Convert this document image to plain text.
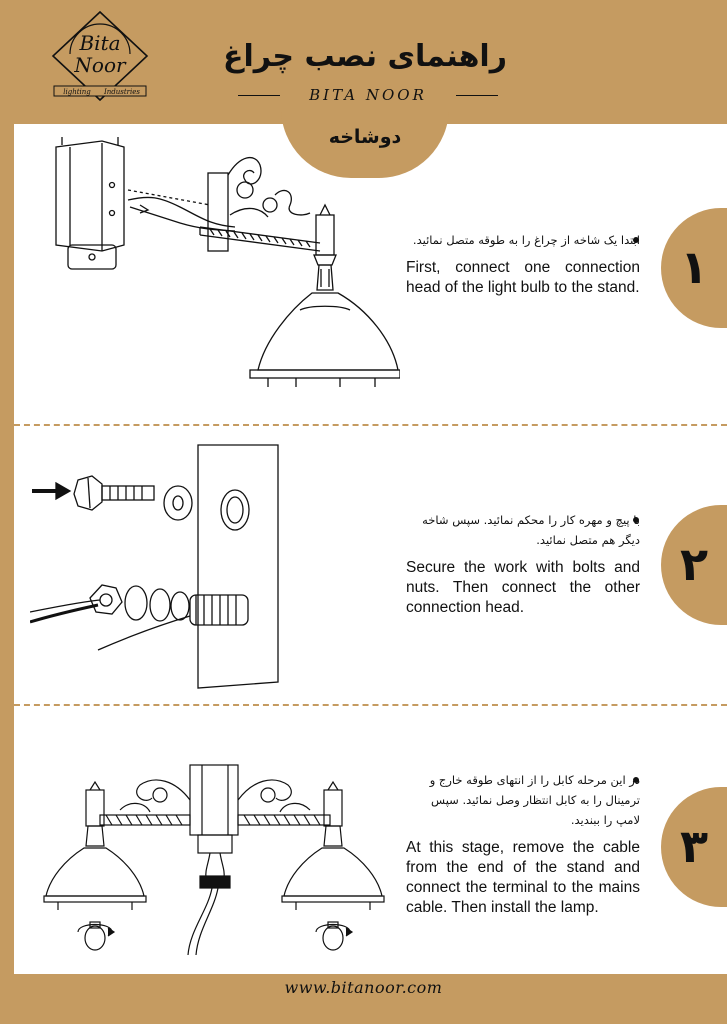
Bita
Noor
lighting Industries
راهنمای نصب چراغ
BITA NOOR
دوشاخه
ابتدا یک شاخه از چراغ را به طوقه متصل نمائید.
First, connect one connection head of the light bulb to the stand. ۱
با پیچ و مهره کار را محکم نمائید. سپس شاخه دیگر هم متصل نمائید.
Secure the work with bolts and nuts. Then connect the other connection head.
۲
در این مرحله کابل را از انتهای طوقه خارج و ترمینال را به کابل انتظار وصل نمائید. سپس لامپ را ببندید.
At this stage, remove the cable from the end of the stand and connect the terminal to the mains cable. Then install the lamp.
۳
www.bitanoor.com
